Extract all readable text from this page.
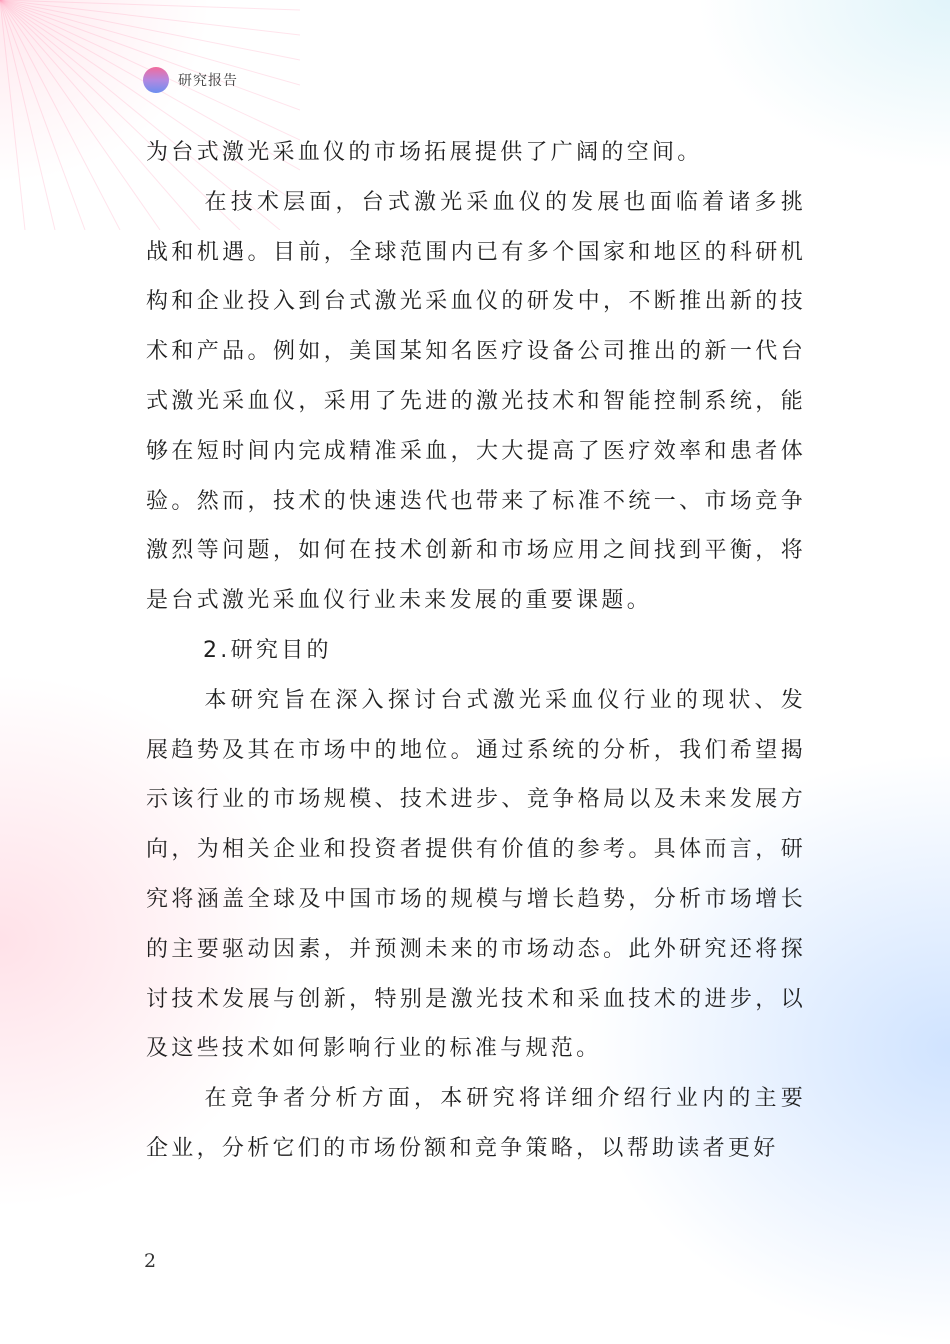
研究报告

为台式激光采血仪的市场拓展提供了广阔的空间。

在技术层面，台式激光采血仪的发展也面临着诸多挑战和机遇。目前，全球范围内已有多个国家和地区的科研机构和企业投入到台式激光采血仪的研发中，不断推出新的技术和产品。例如，美国某知名医疗设备公司推出的新一代台式激光采血仪，采用了先进的激光技术和智能控制系统，能够在短时间内完成精准采血，大大提高了医疗效率和患者体验。然而，技术的快速迭代也带来了标准不统一、市场竞争激烈等问题，如何在技术创新和市场应用之间找到平衡，将是台式激光采血仪行业未来发展的重要课题。

2.研究目的

本研究旨在深入探讨台式激光采血仪行业的现状、发展趋势及其在市场中的地位。通过系统的分析，我们希望揭示该行业的市场规模、技术进步、竞争格局以及未来发展方向，为相关企业和投资者提供有价值的参考。具体而言，研究将涵盖全球及中国市场的规模与增长趋势，分析市场增长的主要驱动因素，并预测未来的市场动态。此外研究还将探讨技术发展与创新，特别是激光技术和采血技术的进步，以及这些技术如何影响行业的标准与规范。

在竞争者分析方面，本研究将详细介绍行业内的主要企业，分析它们的市场份额和竞争策略，以帮助读者更好

2
